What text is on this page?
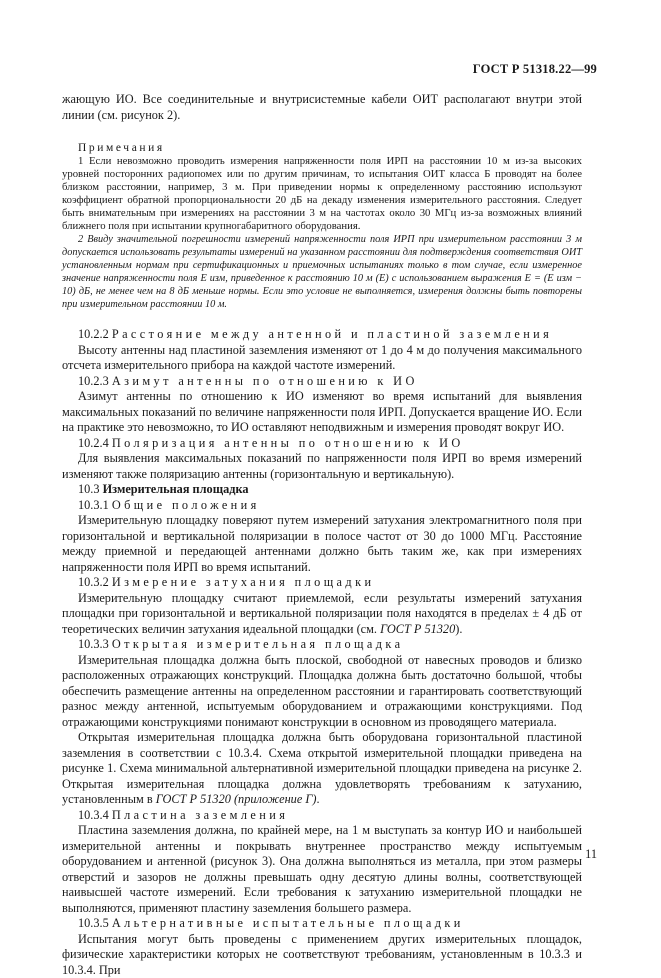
ГОСТ Р 51318.22—99

жающую ИО. Все соединительные и внутрисистемные кабели ОИТ располагают внутри этой линии (см. рисунок 2).

Примечания

1 Если невозможно проводить измерения напряженности поля ИРП на расстоянии 10 м из-за высоких уровней посторонних радиопомех или по другим причинам, то испытания ОИТ класса Б проводят на более близком расстоянии, например, 3 м. При приведении нормы к определенному расстоянию используют коэффициент обратной пропорциональности 20 дБ на декаду изменения измерительного расстояния. Следует быть внимательным при измерениях на расстоянии 3 м на частотах около 30 МГц из-за возможных влияний ближнего поля при испытании крупногабаритного оборудования.

2 Ввиду значительной погрешности измерений напряженности поля ИРП при измерительном расстоянии 3 м допускается использовать результаты измерений на указанном расстоянии для подтверждения соответствия ОИТ установленным нормам при сертификационных и приемочных испытаниях только в том случае, если измеренное значение напряженности поля E изм, приведенное к расстоянию 10 м (E) с использованием выражения E = (E изм − 10) дБ, не менее чем на 8 дБ меньше нормы. Если это условие не выполняется, измерения должны быть повторены при измерительном расстоянии 10 м.

10.2.2 Расстояние между антенной и пластиной заземления

Высоту антенны над пластиной заземления изменяют от 1 до 4 м до получения максимального отсчета измерительного прибора на каждой частоте измерений.

10.2.3 Азимут антенны по отношению к ИО

Азимут антенны по отношению к ИО изменяют во время испытаний для выявления максимальных показаний по величине напряженности поля ИРП. Допускается вращение ИО. Если на практике это невозможно, то ИО оставляют неподвижным и измерения проводят вокруг ИО.

10.2.4 Поляризация антенны по отношению к ИО

Для выявления максимальных показаний по напряженности поля ИРП во время измерений изменяют также поляризацию антенны (горизонтальную и вертикальную).

10.3 Измерительная площадка

10.3.1 Общие положения

Измерительную площадку поверяют путем измерений затухания электромагнитного поля при горизонтальной и вертикальной поляризации в полосе частот от 30 до 1000 МГц. Расстояние между приемной и передающей антеннами должно быть таким же, как при измерениях напряженности поля ИРП во время испытаний.

10.3.2 Измерение затухания площадки

Измерительную площадку считают приемлемой, если результаты измерений затухания площадки при горизонтальной и вертикальной поляризации поля находятся в пределах ± 4 дБ от теоретических величин затухания идеальной площадки (см. ГОСТ Р 51320).

10.3.3 Открытая измерительная площадка

Измерительная площадка должна быть плоской, свободной от навесных проводов и близко расположенных отражающих конструкций. Площадка должна быть достаточно большой, чтобы обеспечить размещение антенны на определенном расстоянии и гарантировать соответствующий разнос между антенной, испытуемым оборудованием и отражающими конструкциями. Под отражающими конструкциями понимают конструкции в основном из проводящего материала.

Открытая измерительная площадка должна быть оборудована горизонтальной пластиной заземления в соответствии с 10.3.4. Схема открытой измерительной площадки приведена на рисунке 1. Схема минимальной альтернативной измерительной площадки приведена на рисунке 2. Открытая измерительная площадка должна удовлетворять требованиям к затуханию, установленным в ГОСТ Р 51320 (приложение Г).

10.3.4 Пластина заземления

Пластина заземления должна, по крайней мере, на 1 м выступать за контур ИО и наибольшей измерительной антенны и покрывать внутреннее пространство между испытуемым оборудованием и антенной (рисунок 3). Она должна выполняться из металла, при этом размеры отверстий и зазоров не должны превышать одну десятую длины волны, соответствующей наивысшей частоте измерений. Если требования к затуханию измерительной площадки не выполняются, применяют пластину заземления большего размера.

10.3.5 Альтернативные испытательные площадки

Испытания могут быть проведены с применением других измерительных площадок, физические характеристики которых не соответствуют требованиям, установленным в 10.3.3 и 10.3.4. При

11
